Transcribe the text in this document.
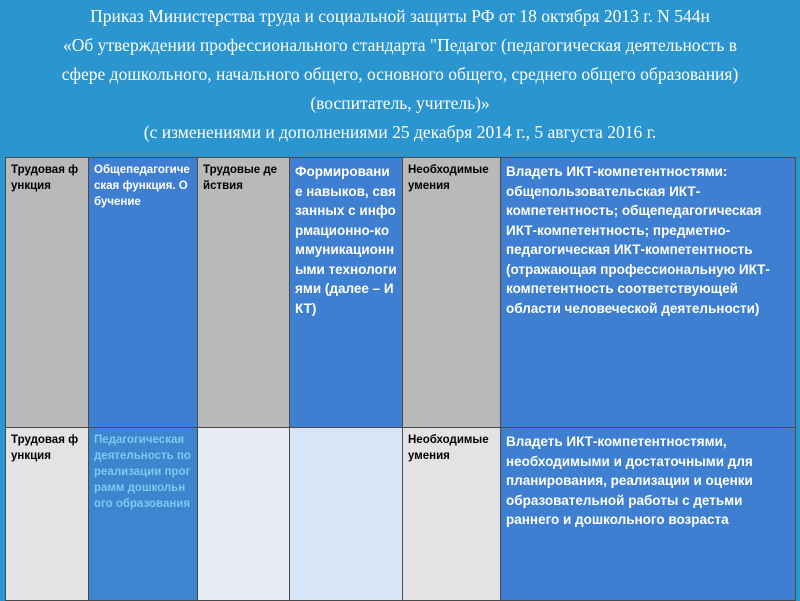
Приказ Министерства труда и социальной защиты РФ от 18 октября 2013 г. N 544н
«Об утверждении профессионального стандарта "Педагог (педагогическая деятельность в
сфере дошкольного, начального общего, основного общего, среднего общего образования)
(воспитатель, учитель)»
(с изменениями и дополнениями 25 декабря 2014 г., 5 августа 2016 г.
Трудовая функция	Общепедагогическая функция. Обучение	Трудовые действия	Формирование навыков, связанных с информационно-коммуникационными технологиями (далее – ИКТ)	Необходимые умения	Владеть ИКТ-компетентностями: общепользовательская ИКТ-компетентность; общепедагогическая ИКТ-компетентность; предметно-педагогическая ИКТ-компетентность (отражающая профессиональную ИКТ-компетентность соответствующей области человеческой деятельности)
Трудовая функция	Педагогическая деятельность по реализации программ дошкольного образования			Необходимые умения	Владеть ИКТ-компетентностями, необходимыми и достаточными для планирования, реализации и оценки образовательной работы с детьми раннего и дошкольного возраста
